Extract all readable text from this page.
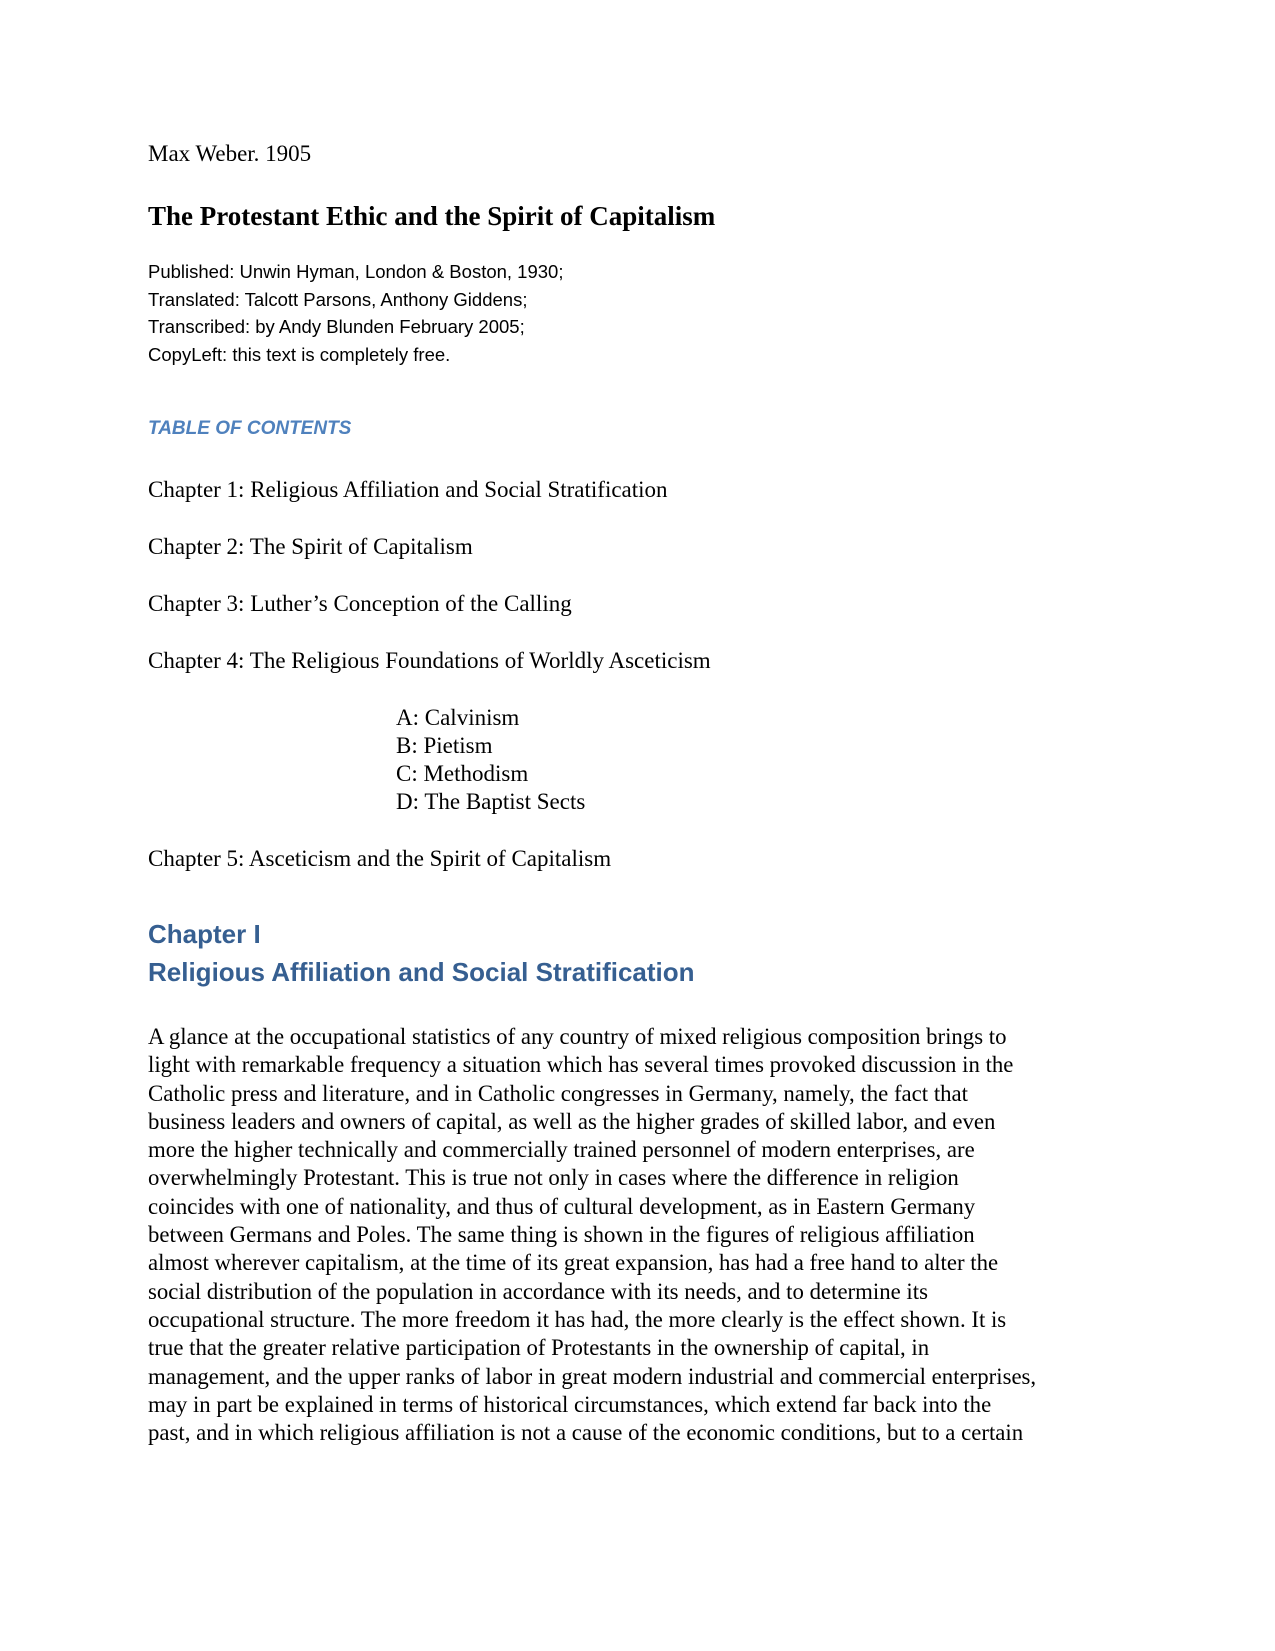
Max Weber. 1905

The Protestant Ethic and the Spirit of Capitalism
Published: Unwin Hyman, London & Boston, 1930;
Translated: Talcott Parsons, Anthony Giddens;
Transcribed: by Andy Blunden February 2005;
CopyLeft: this text is completely free.
TABLE OF CONTENTS
Chapter 1: Religious Affiliation and Social Stratification
Chapter 2: The Spirit of Capitalism
Chapter 3: Luther’s Conception of the Calling
Chapter 4: The Religious Foundations of Worldly Asceticism
A: Calvinism
B: Pietism
C: Methodism
D: The Baptist Sects
Chapter 5: Asceticism and the Spirit of Capitalism
Chapter I
Religious Affiliation and Social Stratification

A glance at the occupational statistics of any country of mixed religious composition brings to
light with remarkable frequency a situation which has several times provoked discussion in the
Catholic press and literature, and in Catholic congresses in Germany, namely, the fact that
business leaders and owners of capital, as well as the higher grades of skilled labor, and even
more the higher technically and commercially trained personnel of modern enterprises, are
overwhelmingly Protestant. This is true not only in cases where the difference in religion
coincides with one of nationality, and thus of cultural development, as in Eastern Germany
between Germans and Poles. The same thing is shown in the figures of religious affiliation
almost wherever capitalism, at the time of its great expansion, has had a free hand to alter the
social distribution of the population in accordance with its needs, and to determine its
occupational structure. The more freedom it has had, the more clearly is the effect shown. It is
true that the greater relative participation of Protestants in the ownership of capital, in
management, and the upper ranks of labor in great modern industrial and commercial enterprises,
may in part be explained in terms of historical circumstances, which extend far back into the
past, and in which religious affiliation is not a cause of the economic conditions, but to a certain
